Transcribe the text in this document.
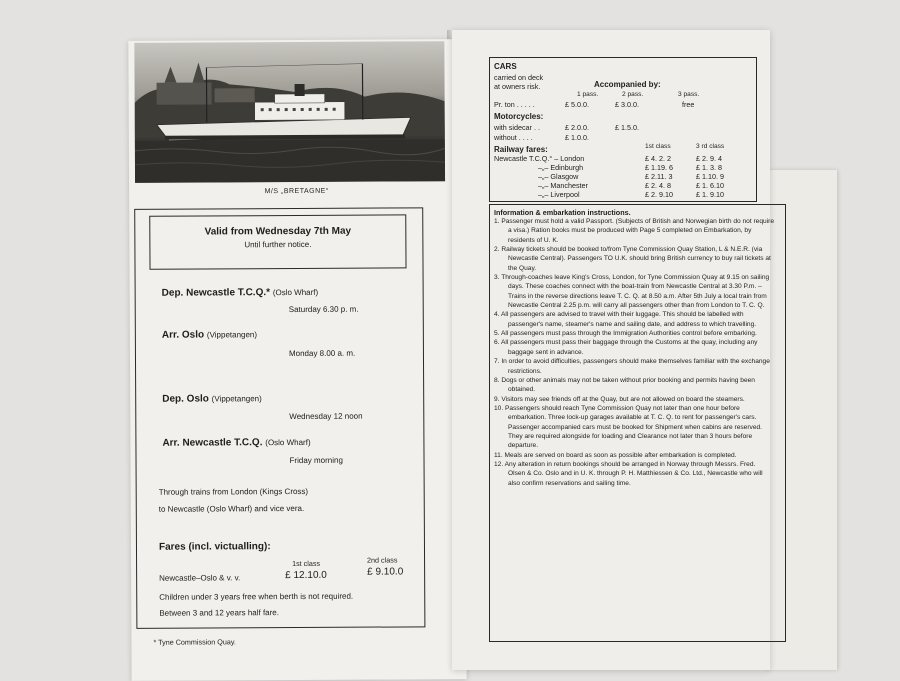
M/S „BRETAGNE“
Valid from Wednesday 7th May
Until further notice.
Dep. Newcastle T.C.Q.* (Oslo Wharf)
Saturday 6.30 p. m.
Arr. Oslo (Vippetangen)
Monday 8.00 a. m.
Dep. Oslo (Vippetangen)
Wednesday 12 noon
Arr. Newcastle T.C.Q. (Oslo Wharf)
Friday morning
Through trains from London (Kings Cross)
to Newcastle (Oslo Wharf) and vice vera.
Fares (incl. victualling):
1st class	2nd class
Newcastle–Oslo & v. v.	£ 12.10.0	£ 9.10.0
Children under 3 years free when berth is not required.
Between 3 and 12 years half fare.
* Tyne Commission Quay.
CARS
carried on deck
at owners risk.	Accompanied by:
1 pass.	2 pass.	3 pass.
Pr. ton . . . . .	£ 5.0.0.	£ 3.0.0.	free
Motorcycles:
with sidecar . .	£ 2.0.0.	£ 1.5.0.
without . . . .	£ 1.0.0.
Railway fares:	1st class	3 rd class
Newcastle T.C.Q.° – London	£ 4. 2. 2	£ 2. 9. 4
–„– Edinburgh	£ 1.19. 6	£ 1. 3. 8
–„– Glasgow	£ 2.11. 3	£ 1.10. 9
–„– Manchester	£ 2. 4. 8	£ 1. 6.10
–„– Liverpool	£ 2. 9.10	£ 1. 9.10
Information & embarkation instructions.
1. Passenger must hold a valid Passport. (Subjects of British and Norwegian birth do not require a visa.) Ration books must be produced with Page 5 completed on Embarkation, by residents of U. K.
2. Railway tickets should be booked to/from Tyne Commission Quay Station, L & N.E.R. (via Newcastle Central). Passengers TO U.K. should bring British currency to buy rail tickets at the Quay.
3. Through-coaches leave King's Cross, London, for Tyne Commission Quay at 9.15 on sailing days. These coaches connect with the boat-train from Newcastle Central at 3.30 P.m. – Trains in the reverse directions leave T. C. Q. at 8.50 a.m. After 5th July a local train from Newcastle Central 2.25 p.m. will carry all passengers other than from London to T. C. Q.
4. All passengers are advised to travel with their luggage. This should be labelled with passenger's name, steamer's name and sailing date, and address to which travelling.
5. All passengers must pass through the Immigration Authorities control before embarking.
6. All passengers must pass their baggage through the Customs at the quay, including any baggage sent in advance.
7. In order to avoid difficulties, passengers should make themselves familiar with the exchange restrictions.
8. Dogs or other animals may not be taken without prior booking and permits having been obtained.
9. Visitors may see friends off at the Quay, but are not allowed on board the steamers.
10. Passengers should reach Tyne Commission Quay not later than one hour before embarkation. Three lock-up garages available at T. C. Q. to rent for passenger's cars. Passenger accompanied cars must be booked for Shipment when cabins are reserved. They are required alongside for loading and Clearance not later than 3 hours before departure.
11. Meals are served on board as soon as possible after embarkation is completed.
12. Any alteration in return bookings should be arranged in Norway through Messrs. Fred. Olsen & Co. Oslo and in U. K. through P. H. Matthiessen & Co. Ltd., Newcastle who will also confirm reservations and sailing time.
